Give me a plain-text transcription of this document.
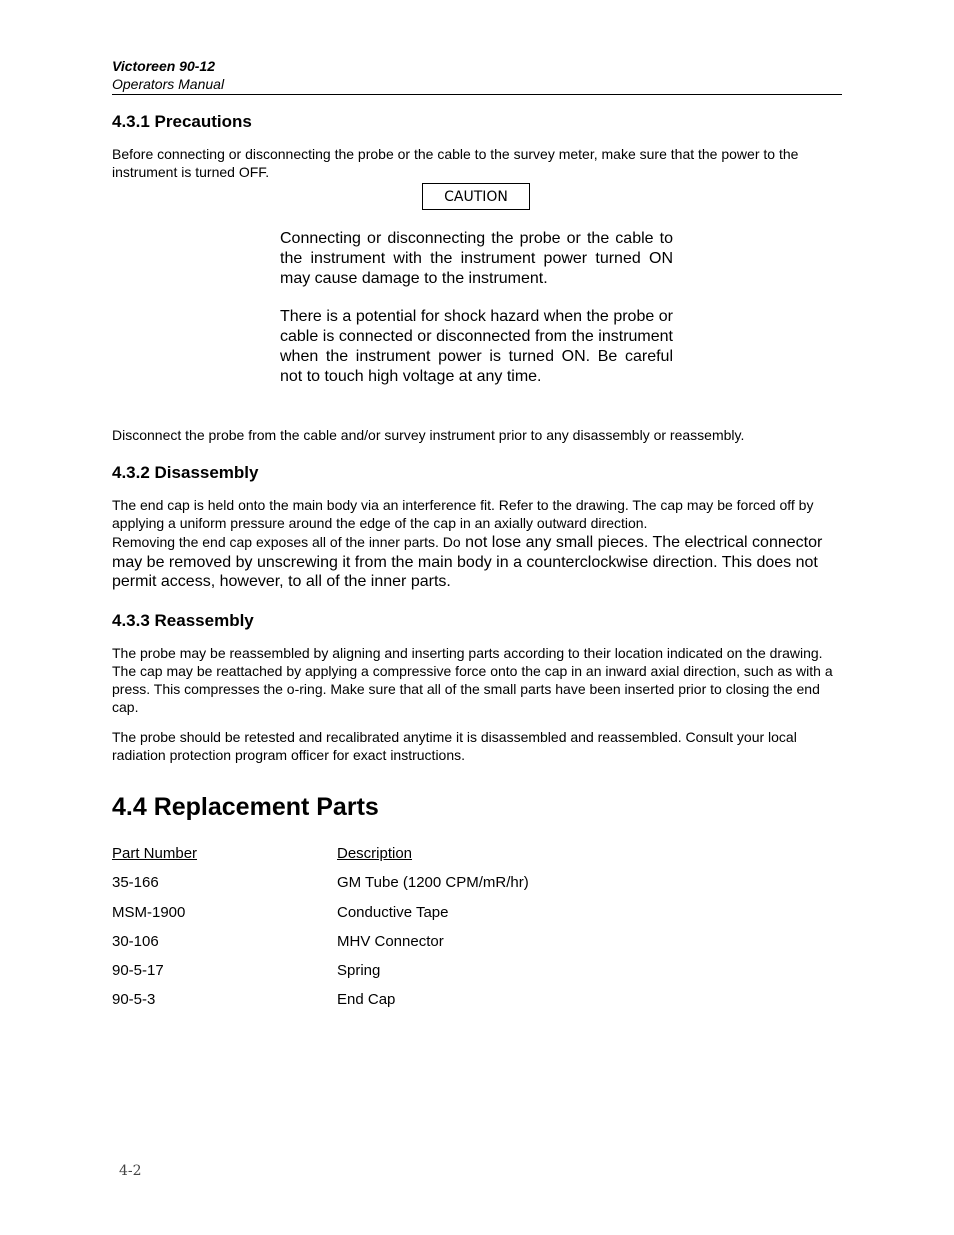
Victoreen 90-12
Operators Manual
4.3.1 Precautions

Before connecting or disconnecting the probe or the cable to the survey meter, make sure that the power to the instrument is turned OFF.

CAUTION

Connecting or disconnecting the probe or the cable to the instrument with the instrument power turned ON may cause damage to the instrument.

There is a potential for shock hazard when the probe or cable is connected or disconnected from the instrument when the instrument power is turned ON. Be careful not to touch high voltage at any time.

Disconnect the probe from the cable and/or survey instrument prior to any disassembly or reassembly.

4.3.2 Disassembly

The end cap is held onto the main body via an interference fit. Refer to the drawing. The cap may be forced off by applying a uniform pressure around the edge of the cap in an axially outward direction.

Removing the end cap exposes all of the inner parts. Do not lose any small pieces. The electrical connector may be removed by unscrewing it from the main body in a counterclockwise direction. This does not permit access, however, to all of the inner parts.

4.3.3 Reassembly

The probe may be reassembled by aligning and inserting parts according to their location indicated on the drawing. The cap may be reattached by applying a compressive force onto the cap in an inward axial direction, such as with a press. This compresses the o-ring. Make sure that all of the small parts have been inserted prior to closing the end cap.

The probe should be retested and recalibrated anytime it is disassembled and reassembled. Consult your local radiation protection program officer for exact instructions.

4.4 Replacement Parts
Part Number	Description
35-166	GM Tube (1200 CPM/mR/hr)
MSM-1900	Conductive Tape
30-106	MHV Connector
90-5-17	Spring
90-5-3	End Cap
4-2
